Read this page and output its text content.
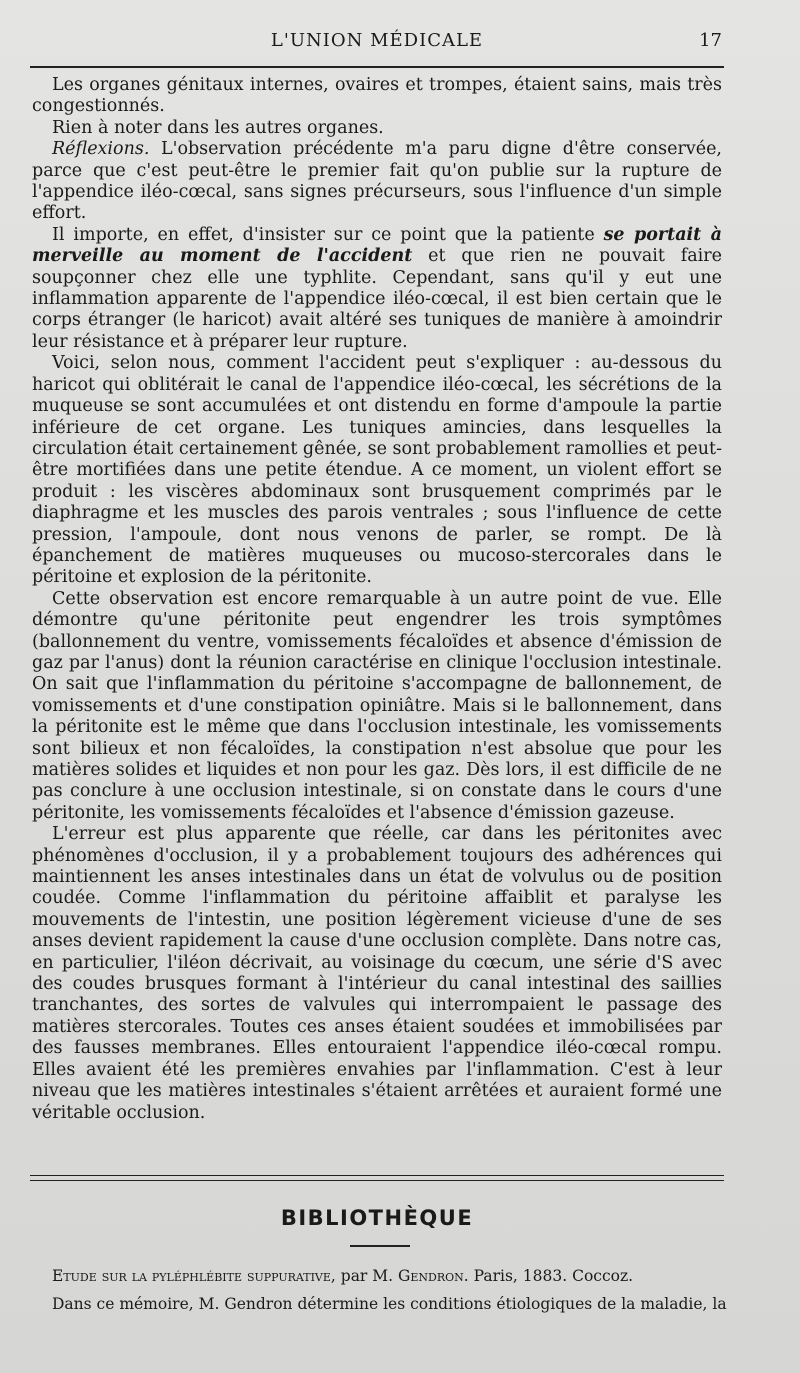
L'UNION MÉDICALE	17

Les organes génitaux internes, ovaires et trompes, étaient sains, mais très congestionnés.

Rien à noter dans les autres organes.

Réflexions. L'observation précédente m'a paru digne d'être conservée, parce que c'est peut-être le premier fait qu'on publie sur la rupture de l'appendice iléo-cœcal, sans signes précurseurs, sous l'influence d'un simple effort.

Il importe, en effet, d'insister sur ce point que la patiente se portait à merveille au moment de l'accident et que rien ne pouvait faire soupçonner chez elle une typhlite. Cependant, sans qu'il y eut une inflammation apparente de l'appendice iléo-cœcal, il est bien certain que le corps étranger (le haricot) avait altéré ses tuniques de manière à amoindrir leur résistance et à préparer leur rupture.

Voici, selon nous, comment l'accident peut s'expliquer : au-dessous du haricot qui oblitérait le canal de l'appendice iléo-cœcal, les sécrétions de la muqueuse se sont accumulées et ont distendu en forme d'ampoule la partie inférieure de cet organe. Les tuniques amincies, dans lesquelles la circulation était certainement gênée, se sont probablement ramollies et peut-être mortifiées dans une petite étendue. A ce moment, un violent effort se produit : les viscères abdominaux sont brusquement comprimés par le diaphragme et les muscles des parois ventrales ; sous l'influence de cette pression, l'ampoule, dont nous venons de parler, se rompt. De là épanchement de matières muqueuses ou mucoso-stercorales dans le péritoine et explosion de la péritonite.

Cette observation est encore remarquable à un autre point de vue. Elle démontre qu'une péritonite peut engendrer les trois symptômes (ballonnement du ventre, vomissements fécaloïdes et absence d'émission de gaz par l'anus) dont la réunion caractérise en clinique l'occlusion intestinale. On sait que l'inflammation du péritoine s'accompagne de ballonnement, de vomissements et d'une constipation opiniâtre. Mais si le ballonnement, dans la péritonite est le même que dans l'occlusion intestinale, les vomissements sont bilieux et non fécaloïdes, la constipation n'est absolue que pour les matières solides et liquides et non pour les gaz. Dès lors, il est difficile de ne pas conclure à une occlusion intestinale, si on constate dans le cours d'une péritonite, les vomissements fécaloïdes et l'absence d'émission gazeuse.

L'erreur est plus apparente que réelle, car dans les péritonites avec phénomènes d'occlusion, il y a probablement toujours des adhérences qui maintiennent les anses intestinales dans un état de volvulus ou de position coudée. Comme l'inflammation du péritoine affaiblit et paralyse les mouvements de l'intestin, une position légèrement vicieuse d'une de ses anses devient rapidement la cause d'une occlusion complète. Dans notre cas, en particulier, l'iléon décrivait, au voisinage du cœcum, une série d'S avec des coudes brusques formant à l'intérieur du canal intestinal des saillies tranchantes, des sortes de valvules qui interrompaient le passage des matières stercorales. Toutes ces anses étaient soudées et immobilisées par des fausses membranes. Elles entouraient l'appendice iléo-cœcal rompu. Elles avaient été les premières envahies par l'inflammation. C'est à leur niveau que les matières intestinales s'étaient arrêtées et auraient formé une véritable occlusion.

BIBLIOTHÈQUE

Etude sur la pyléphlébite suppurative, par M. Gendron. Paris, 1883. Coccoz.

Dans ce mémoire, M. Gendron détermine les conditions étiologiques de la maladie, la
